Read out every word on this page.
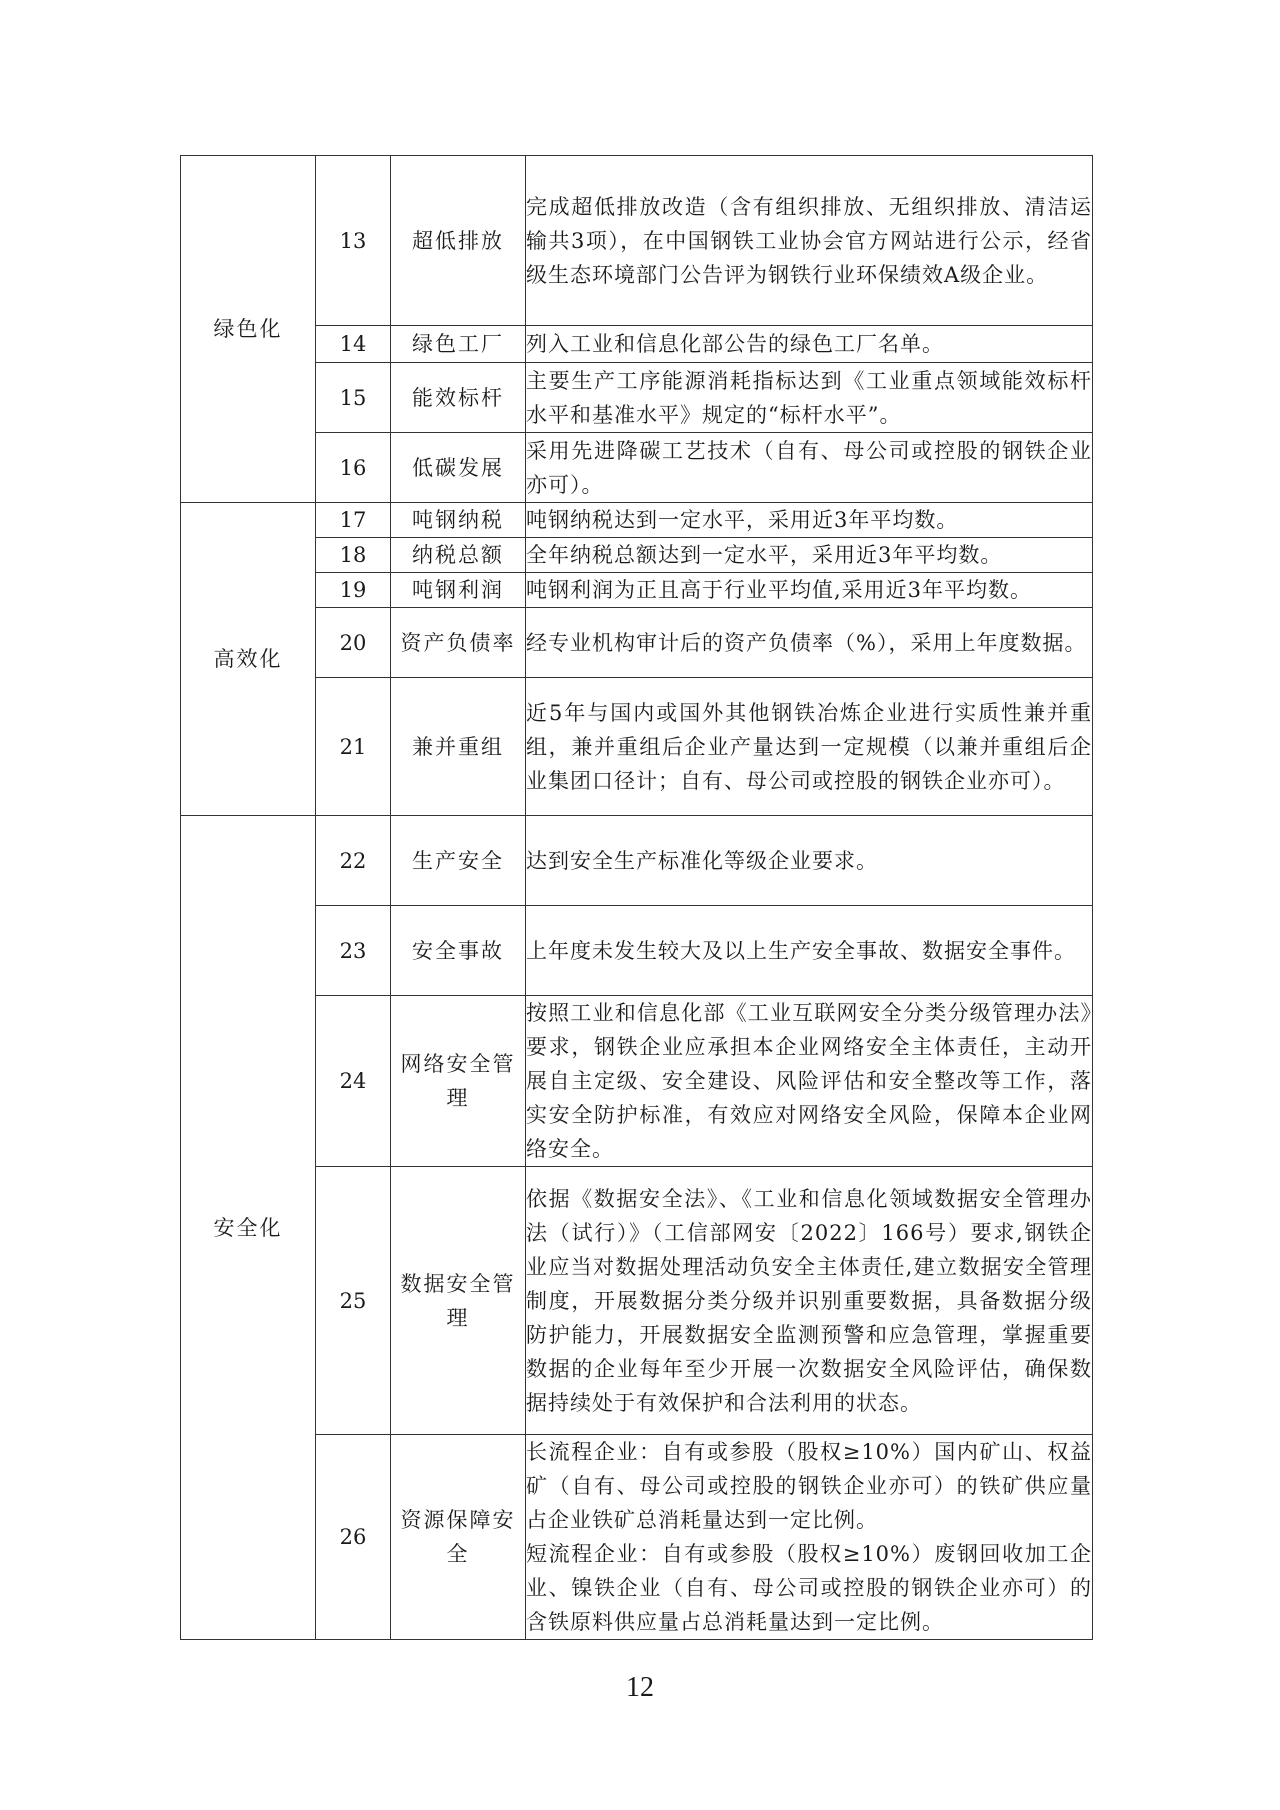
绿色化	13	超低排放	完成超低排放改造（含有组织排放、无组织排放、清洁运输共3项），在中国钢铁工业协会官方网站进行公示，经省级生态环境部门公告评为钢铁行业环保绩效A级企业。
	14	绿色工厂	列入工业和信息化部公告的绿色工厂名单。
	15	能效标杆	主要生产工序能源消耗指标达到《工业重点领域能效标杆水平和基准水平》规定的“标杆水平”。
	16	低碳发展	采用先进降碳工艺技术（自有、母公司或控股的钢铁企业亦可）。
高效化	17	吨钢纳税	吨钢纳税达到一定水平，采用近3年平均数。
	18	纳税总额	全年纳税总额达到一定水平，采用近3年平均数。
	19	吨钢利润	吨钢利润为正且高于行业平均值,采用近3年平均数。
	20	资产负债率	经专业机构审计后的资产负债率（%），采用上年度数据。
	21	兼并重组	近5年与国内或国外其他钢铁冶炼企业进行实质性兼并重组，兼并重组后企业产量达到一定规模（以兼并重组后企业集团口径计；自有、母公司或控股的钢铁企业亦可）。
安全化	22	生产安全	达到安全生产标准化等级企业要求。
	23	安全事故	上年度未发生较大及以上生产安全事故、数据安全事件。
	24	网络安全管理	按照工业和信息化部《工业互联网安全分类分级管理办法》要求，钢铁企业应承担本企业网络安全主体责任，主动开展自主定级、安全建设、风险评估和安全整改等工作，落实安全防护标准，有效应对网络安全风险，保障本企业网络安全。
	25	数据安全管理	依据《数据安全法》、《工业和信息化领域数据安全管理办法（试行）》（工信部网安〔2022〕166号）要求,钢铁企业应当对数据处理活动负安全主体责任,建立数据安全管理制度，开展数据分类分级并识别重要数据，具备数据分级防护能力，开展数据安全监测预警和应急管理，掌握重要数据的企业每年至少开展一次数据安全风险评估，确保数据持续处于有效保护和合法利用的状态。
	26	资源保障安全	长流程企业：自有或参股（股权≥10%）国内矿山、权益矿（自有、母公司或控股的钢铁企业亦可）的铁矿供应量占企业铁矿总消耗量达到一定比例。
短流程企业：自有或参股（股权≥10%）废钢回收加工企业、镍铁企业（自有、母公司或控股的钢铁企业亦可）的含铁原料供应量占总消耗量达到一定比例。
12
